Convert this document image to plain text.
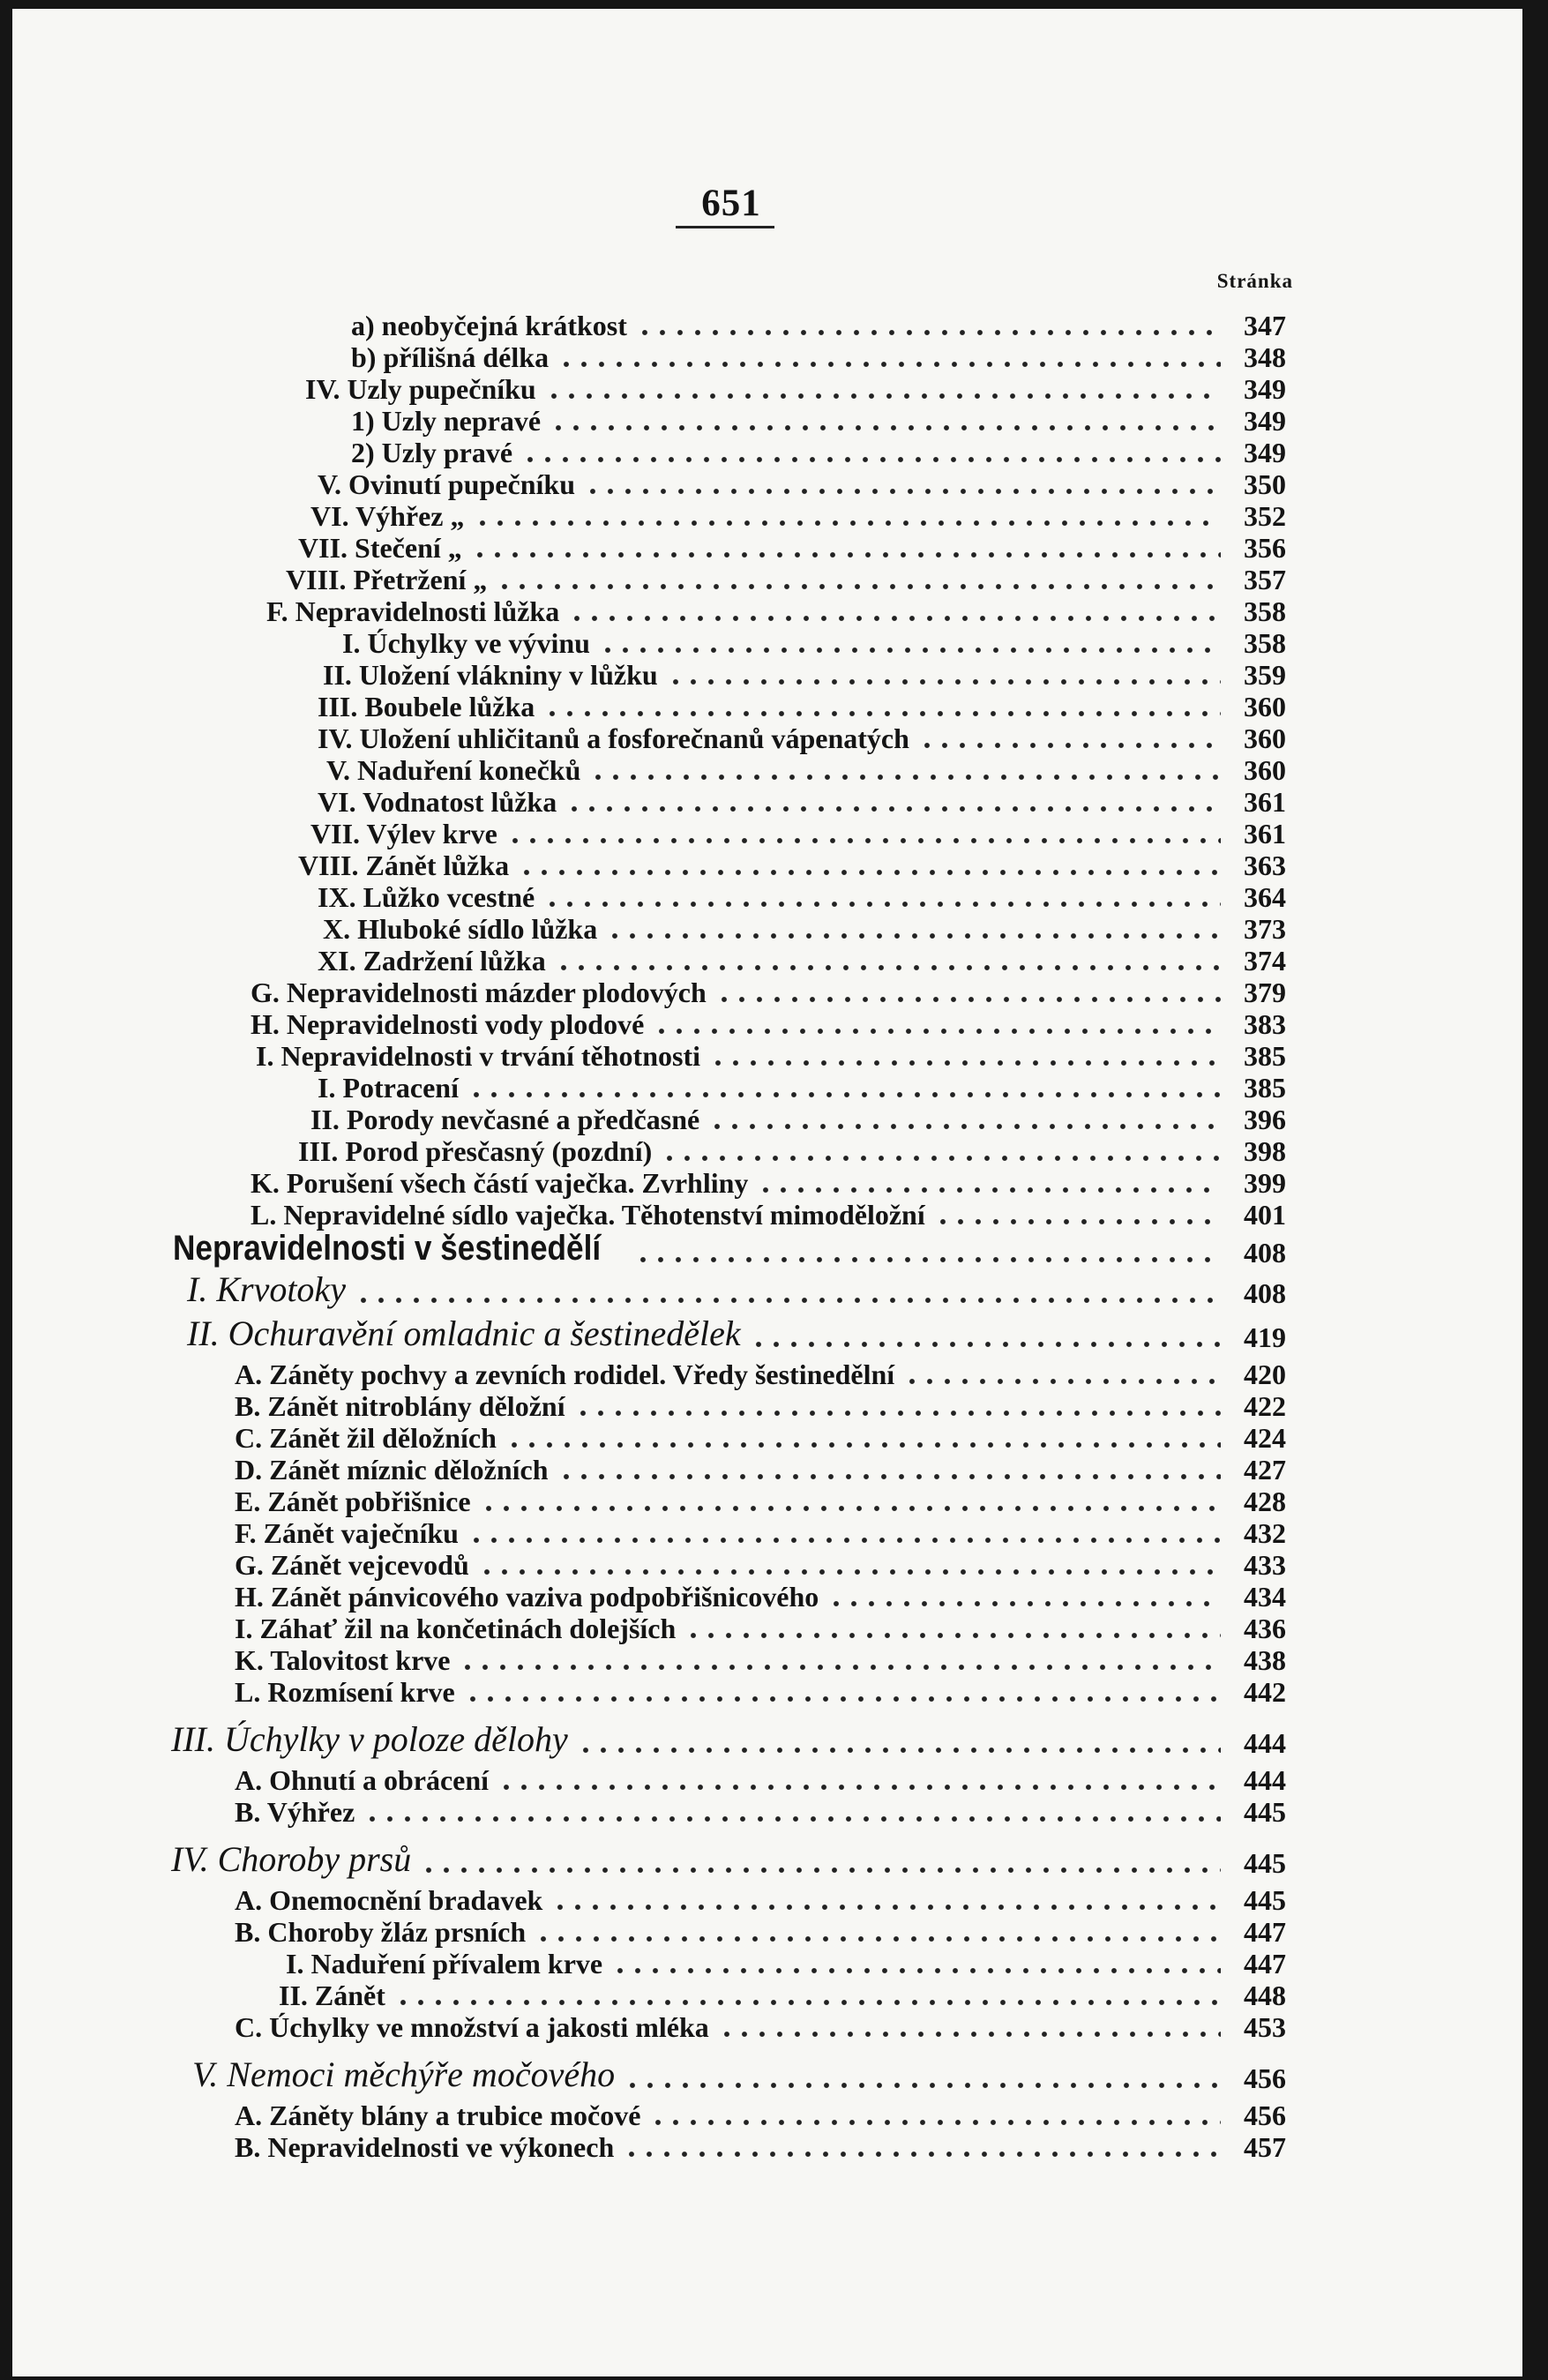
651
Stránka
a) neobyčejná krátkost	347
b) přílišná délka	348
IV. Uzly pupečníku	349
1) Uzly nepravé	349
2) Uzly pravé	349
V. Ovinutí pupečníku	350
VI. Výhřez „	352
VII. Stečení „	356
VIII. Přetržení „	357
F. Nepravidelnosti lůžka	358
I. Úchylky ve vývinu	358
II. Uložení vlákniny v lůžku	359
III. Boubele lůžka	360
IV. Uložení uhličitanů a fosforečnanů vápenatých	360
V. Naduření konečků	360
VI. Vodnatost lůžka	361
VII. Výlev krve	361
VIII. Zánět lůžka	363
IX. Lůžko vcestné	364
X. Hluboké sídlo lůžka	373
XI. Zadržení lůžka	374
G. Nepravidelnosti mázder plodových	379
H. Nepravidelnosti vody plodové	383
I. Nepravidelnosti v trvání těhotnosti	385
I. Potracení	385
II. Porody nevčasné a předčasné	396
III. Porod přesčasný (pozdní)	398
K. Porušení všech částí vaječka. Zvrhliny	399
L. Nepravidelné sídlo vaječka. Těhotenství mimoděložní	401
Nepravidelnosti v šestinedělí	408
I. Krvotoky	408
II. Ochuravění omladnic a šestinedělek	419
A. Záněty pochvy a zevních rodidel. Vředy šestinedělní	420
B. Zánět nitroblány děložní	422
C. Zánět žil děložních	424
D. Zánět míznic děložních	427
E. Zánět pobřišnice	428
F. Zánět vaječníku	432
G. Zánět vejcevodů	433
H. Zánět pánvicového vaziva podpobřišnicového	434
I. Záhať žil na končetinách dolejších	436
K. Talovitost krve	438
L. Rozmísení krve	442
III. Úchylky v poloze dělohy	444
A. Ohnutí a obrácení	444
B. Výhřez	445
IV. Choroby prsů	445
A. Onemocnění bradavek	445
B. Choroby žláz prsních	447
I. Naduření přívalem krve	447
II. Zánět	448
C. Úchylky ve množství a jakosti mléka	453
V. Nemoci měchýře močového	456
A. Záněty blány a trubice močové	456
B. Nepravidelnosti ve výkonech	457
